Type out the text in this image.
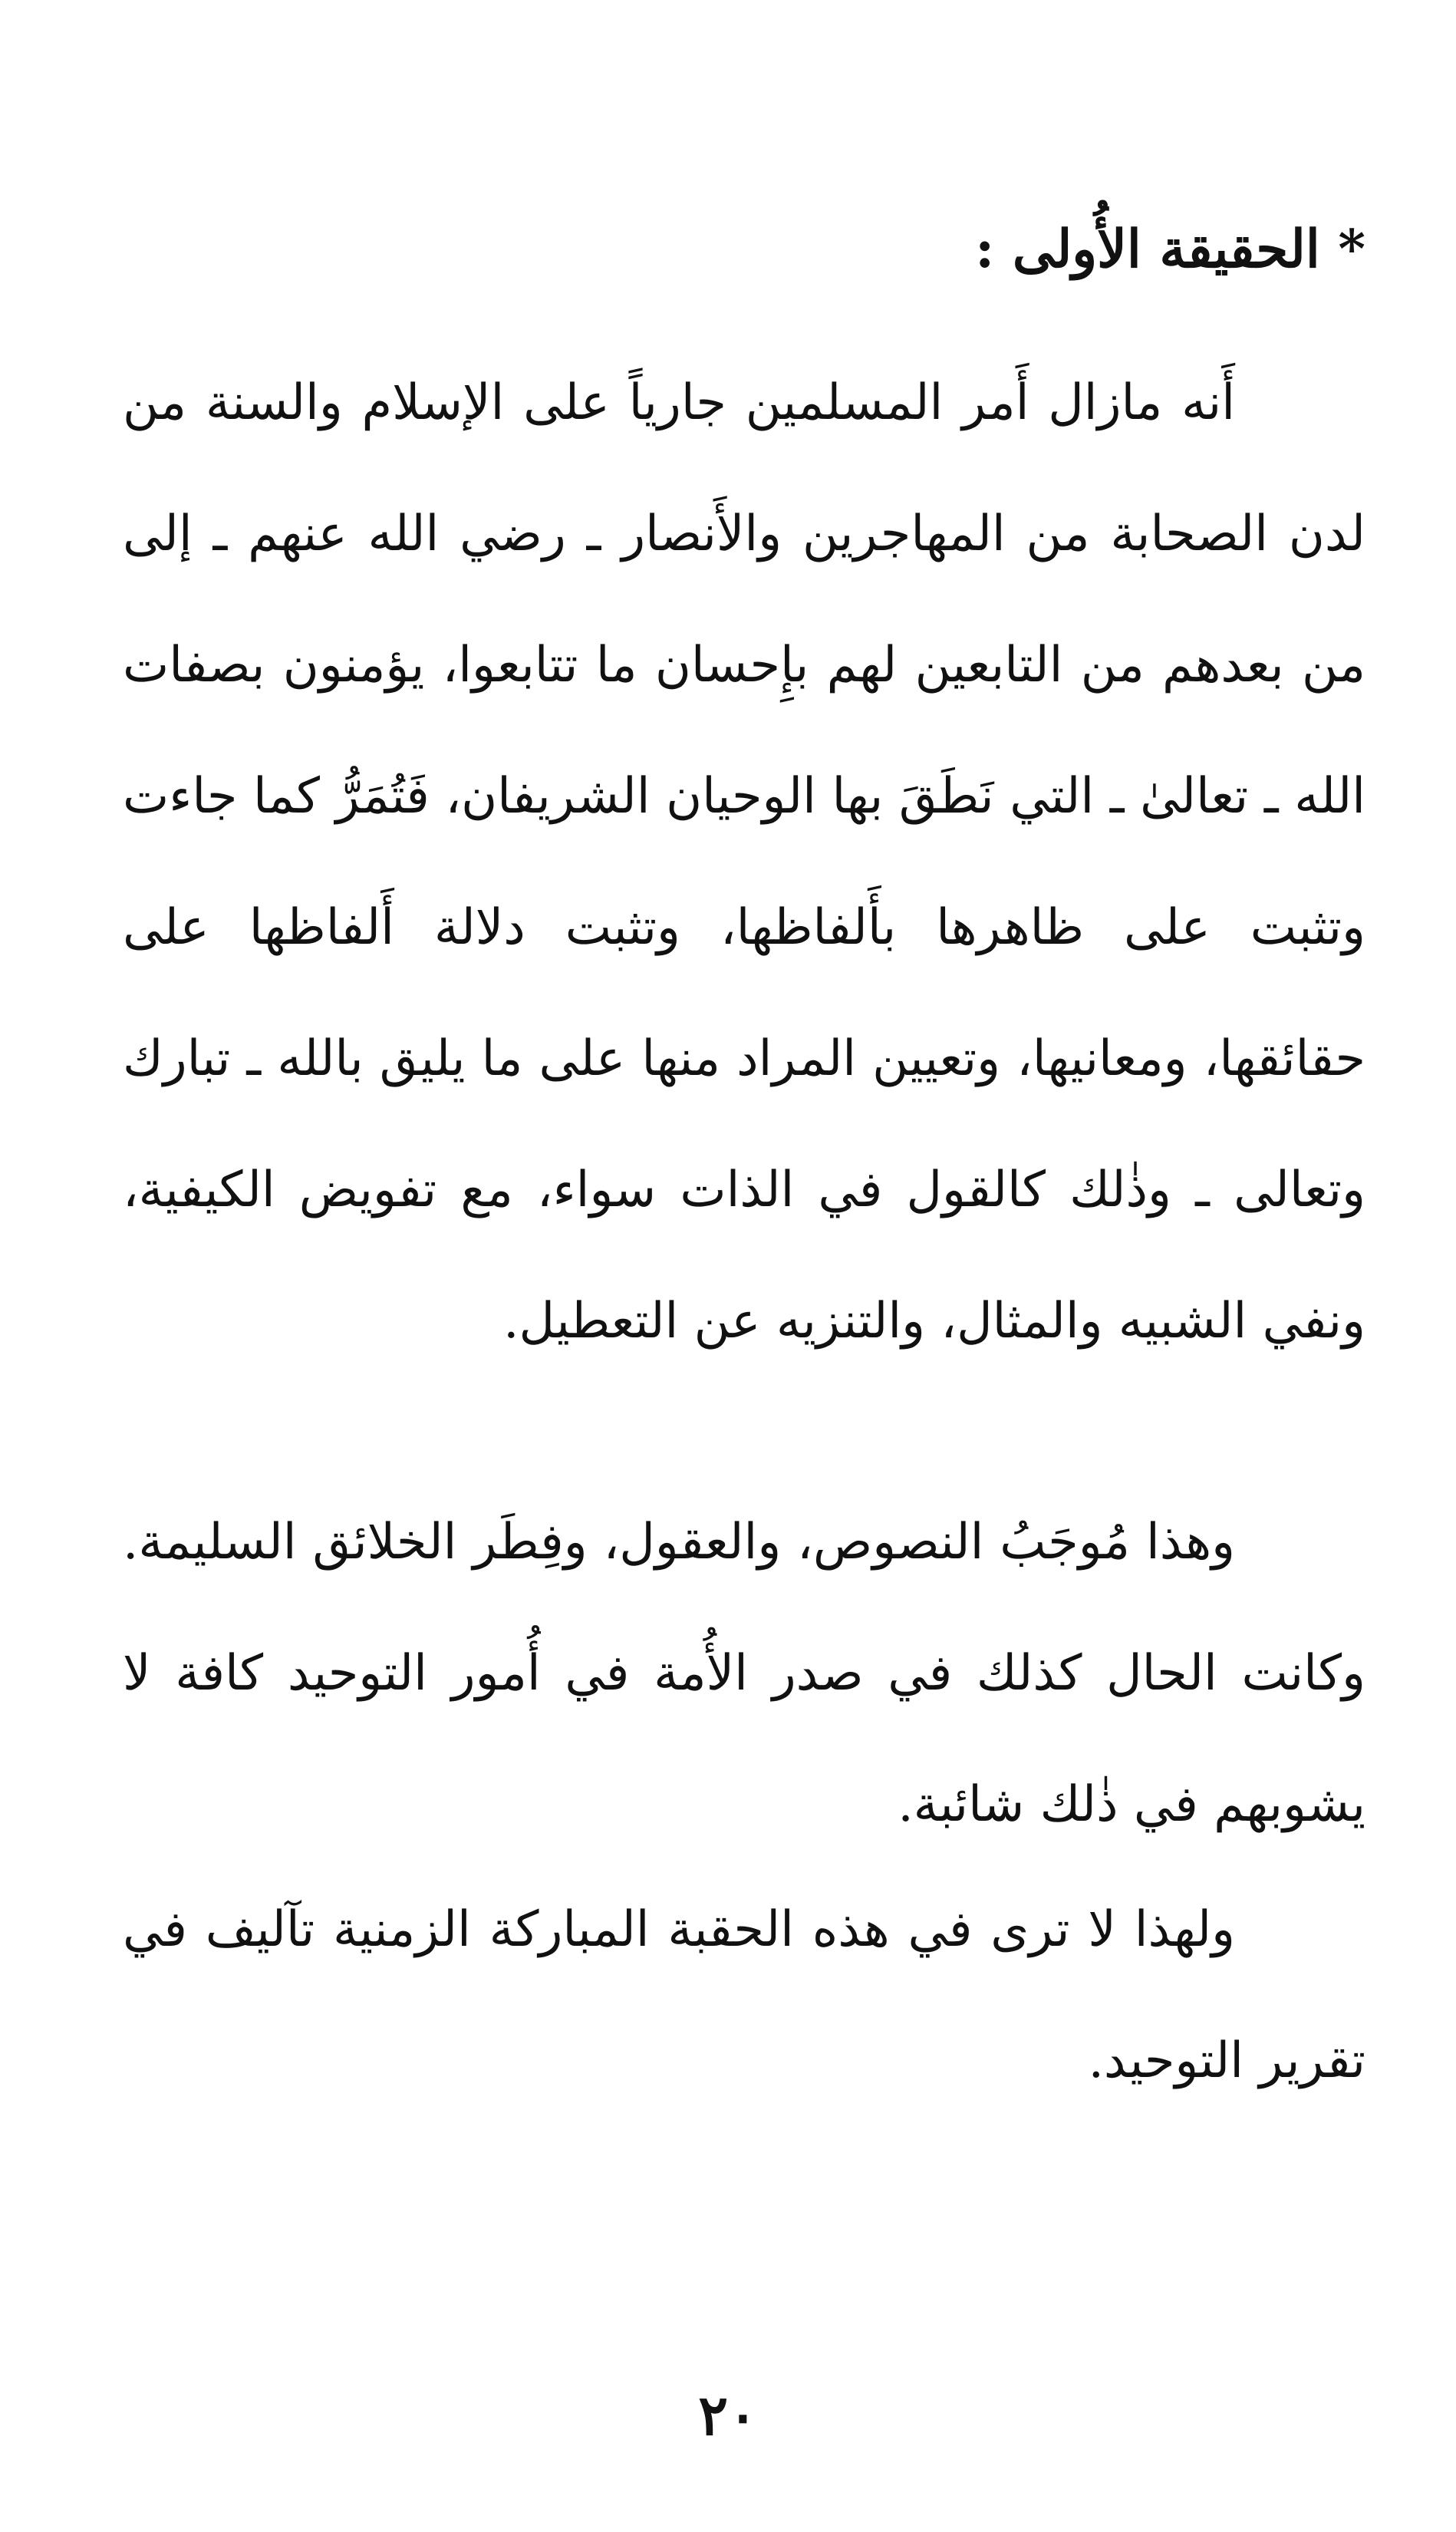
* الحقيقة الأُولى :

أَنه مازال أَمر المسلمين جارياً على الإسلام والسنة من لدن الصحابة من المهاجرين والأَنصار ـ رضي الله عنهم ـ إلى من بعدهم من التابعين لهم بإِحسان ما تتابعوا، يؤمنون بصفات الله ـ تعالىٰ ـ التي نَطَقَ بها الوحيان الشريفان، فَتُمَرُّ كما جاءت وتثبت على ظاهرها بأَلفاظها، وتثبت دلالة أَلفاظها على حقائقها، ومعانيها، وتعيين المراد منها على ما يليق بالله ـ تبارك وتعالى ـ وذٰلك كالقول في الذات سواء، مع تفويض الكيفية، ونفي الشبيه والمثال، والتنزيه عن التعطيل.

وهذا مُوجَبُ النصوص، والعقول، وفِطَر الخلائق السليمة. وكانت الحال كذلك في صدر الأُمة في أُمور التوحيد كافة لا يشوبهم في ذٰلك شائبة.

ولهذا لا ترى في هذه الحقبة المباركة الزمنية تآليف في تقرير التوحيد.

٢٠
